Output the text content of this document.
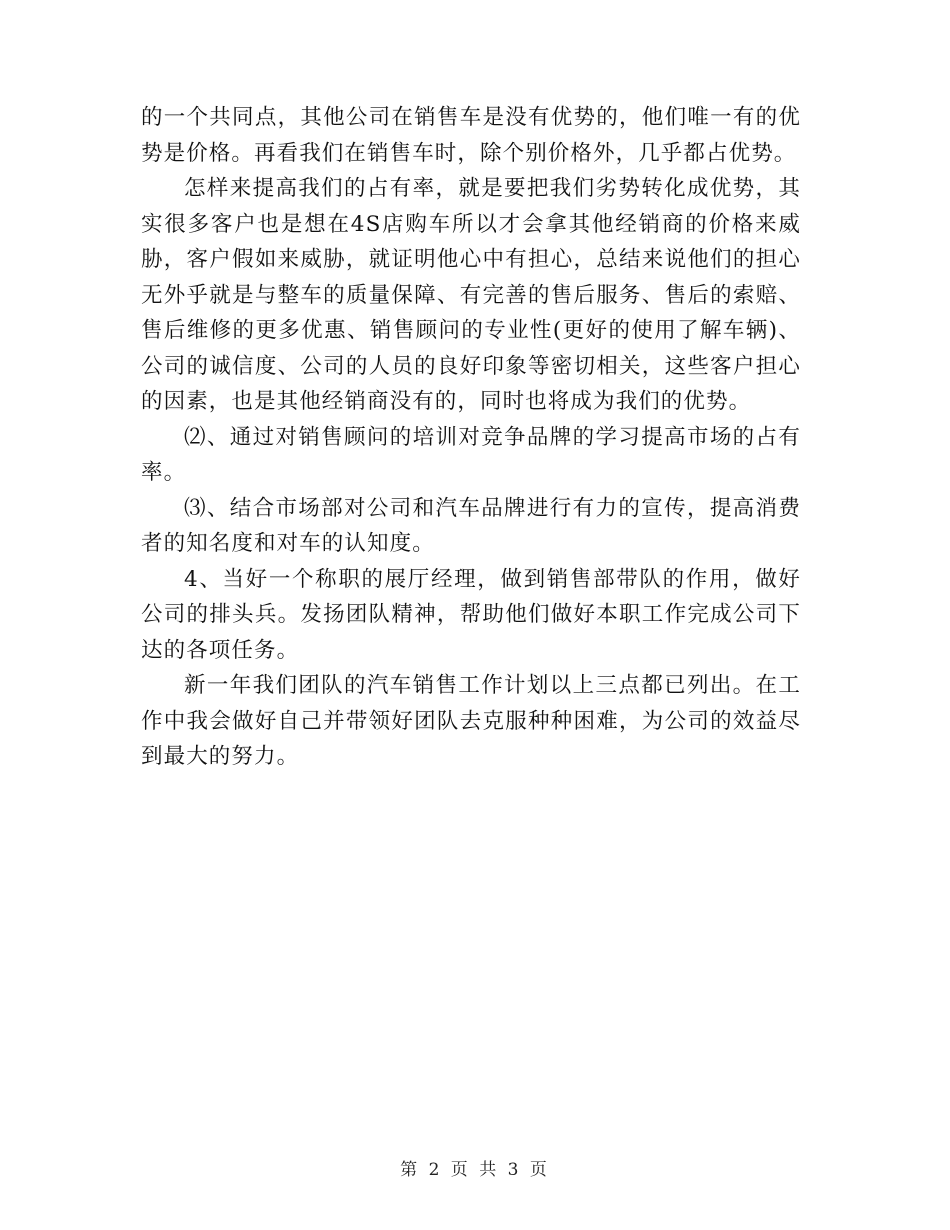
的一个共同点，其他公司在销售车是没有优势的，他们唯一有的优势是价格。再看我们在销售车时，除个别价格外，几乎都占优势。

怎样来提高我们的占有率，就是要把我们劣势转化成优势，其实很多客户也是想在4S店购车所以才会拿其他经销商的价格来威胁，客户假如来威胁，就证明他心中有担心，总结来说他们的担心无外乎就是与整车的质量保障、有完善的售后服务、售后的索赔、售后维修的更多优惠、销售顾问的专业性(更好的使用了解车辆)、公司的诚信度、公司的人员的良好印象等密切相关，这些客户担心的因素，也是其他经销商没有的，同时也将成为我们的优势。

⑵、通过对销售顾问的培训对竞争品牌的学习提高市场的占有率。

⑶、结合市场部对公司和汽车品牌进行有力的宣传，提高消费者的知名度和对车的认知度。

4、当好一个称职的展厅经理，做到销售部带队的作用，做好公司的排头兵。发扬团队精神，帮助他们做好本职工作完成公司下达的各项任务。

新一年我们团队的汽车销售工作计划以上三点都已列出。在工作中我会做好自己并带领好团队去克服种种困难，为公司的效益尽到最大的努力。

第 2 页 共 3 页
